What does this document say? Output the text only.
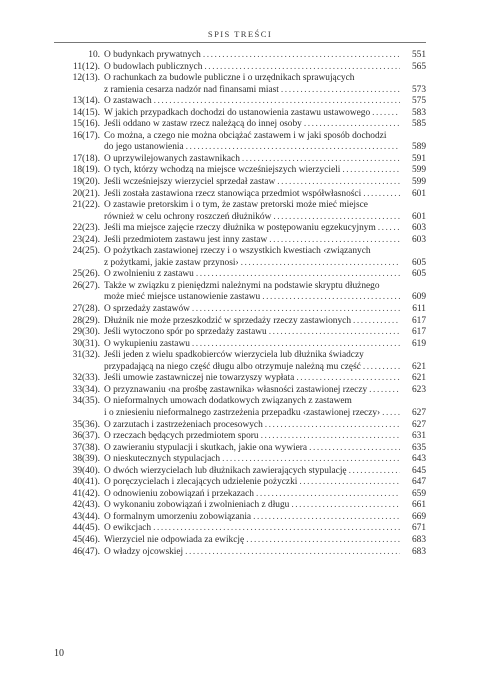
SPIS TREŚCI
10. O budynkach prywatnych . . .	551
11(12). O budowlach publicznych . . .	565
12(13). O rachunkach za budowle publiczne i o urzędnikach sprawujących
z ramienia cesarza nadzór nad finansami miast . . .	573
13(14). O zastawach . . .	575
14(15). W jakich przypadkach dochodzi do ustanowienia zastawu ustawowego . . .	583
15(16). Jeśli oddano w zastaw rzecz należącą do innej osoby . . .	585
16(17). Co można, a czego nie można obciążać zastawem i w jaki sposób dochodzi
do jego ustanowienia . . .	589
17(18). O uprzywilejowanych zastawnikach . . .	591
18(19). O tych, którzy wchodzą na miejsce wcześniejszych wierzycieli . . .	599
19(20). Jeśli wcześniejszy wierzyciel sprzedał zastaw . . .	599
20(21). Jeśli została zastawiona rzecz stanowiąca przedmiot współwłasności . . .	601
21(22). O zastawie pretorskim i o tym, że zastaw pretorski może mieć miejsce
również w celu ochrony roszczeń dłużników . . .	601
22(23). Jeśli ma miejsce zajęcie rzeczy dłużnika w postępowaniu egzekucyjnym . . .	603
23(24). Jeśli przedmiotem zastawu jest inny zastaw . . .	603
24(25). O pożytkach zastawionej rzeczy i o wszystkich kwestiach ‹związanych
z pożytkami, jakie zastaw przynosi› . . .	605
25(26). O zwolnieniu z zastawu . . .	605
26(27). Także w związku z pieniędzmi należnymi na podstawie skryptu dłużnego
może mieć miejsce ustanowienie zastawu . . .	609
27(28). O sprzedaży zastawów . . .	611
28(29). Dłużnik nie może przeszkodzić w sprzedaży rzeczy zastawionych . . .	617
29(30). Jeśli wytoczono spór po sprzedaży zastawu . . .	617
30(31). O wykupieniu zastawu . . .	619
31(32). Jeśli jeden z wielu spadkobierców wierzyciela lub dłużnika świadczy
przypadającą na niego część długu albo otrzymuje należną mu część . . .	621
32(33). Jeśli umowie zastawniczej nie towarzyszy wypłata . . .	621
33(34). O przyznawaniu ‹na prośbę zastawnika› własności zastawionej rzeczy . . .	623
34(35). O nieformalnych umowach dodatkowych związanych z zastawem
i o zniesieniu nieformalnego zastrzeżenia przepadku ‹zastawionej rzeczy› . . .	627
35(36). O zarzutach i zastrzeżeniach procesowych . . .	627
36(37). O rzeczach będących przedmiotem sporu . . .	631
37(38). O zawieraniu stypulacji i skutkach, jakie ona wywiera . . .	635
38(39). O nieskutecznych stypulacjach . . .	643
39(40). O dwóch wierzycielach lub dłużnikach zawierających stypulację . . .	645
40(41). O poręczycielach i zlecających udzielenie pożyczki . . .	647
41(42). O odnowieniu zobowiązań i przekazach . . .	659
42(43). O wykonaniu zobowiązań i zwolnieniach z długu . . .	661
43(44). O formalnym umorzeniu zobowiązania . . .	669
44(45). O ewikcjach . . .	671
45(46). Wierzyciel nie odpowiada za ewikcję . . .	683
46(47). O władzy ojcowskiej . . .	683
10
